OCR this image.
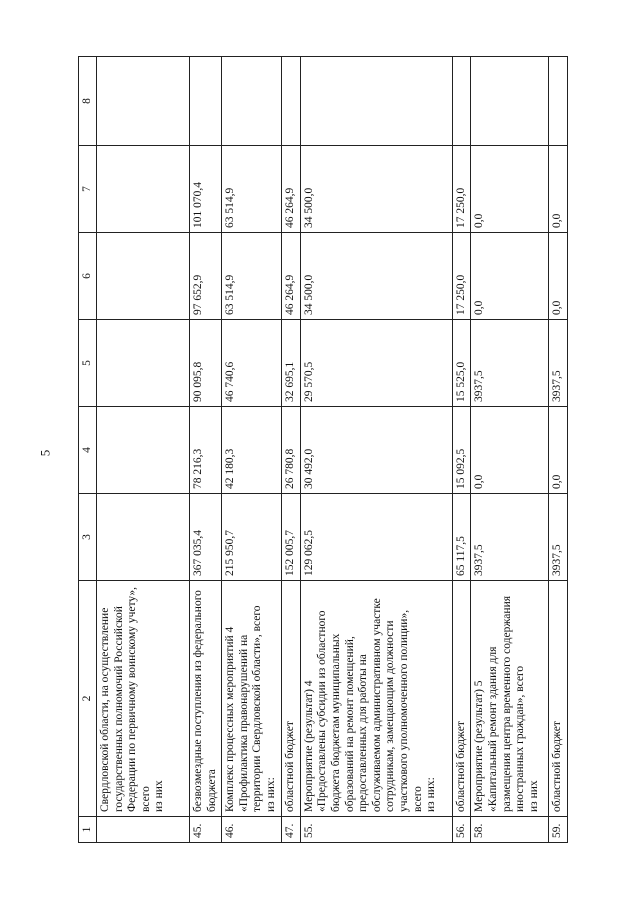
5
1	2	3	4	5	6	7	8
	Свердловской области, на осуществление государственных полномочий Российской Федерации по первичному воинскому учету», всего из них						
45.	безвозмездные поступления из федерального бюджета	367 035,4	78 216,3	90 095,8	97 652,9	101 070,4	
46.	Комплекс процессных мероприятий 4 «Профилактика правонарушений на территории Свердловской области», всего из них:	215 950,7	42 180,3	46 740,6	63 514,9	63 514,9	
47.	областной бюджет	152 005,7	26 780,8	32 695,1	46 264,9	46 264,9	
55.	Мероприятие (результат) 4 «Предоставлены субсидии из областного бюджета бюджетам муниципальных образований на ремонт помещений, предоставленных для работы на обслуживаемом административном участке сотрудникам, замещающим должности участкового уполномоченного полиции», всего из них:	129 062,5	30 492,0	29 570,5	34 500,0	34 500,0	
56.	областной бюджет	65 117,5	15 092,5	15 525,0	17 250,0	17 250,0	
58.	Мероприятие (результат) 5 «Капитальный ремонт здания для размещения центра временного содержания иностранных граждан», всего из них	3937,5	0,0	3937,5	0,0	0,0	
59.	областной бюджет	3937,5	0,0	3937,5	0,0	0,0	
